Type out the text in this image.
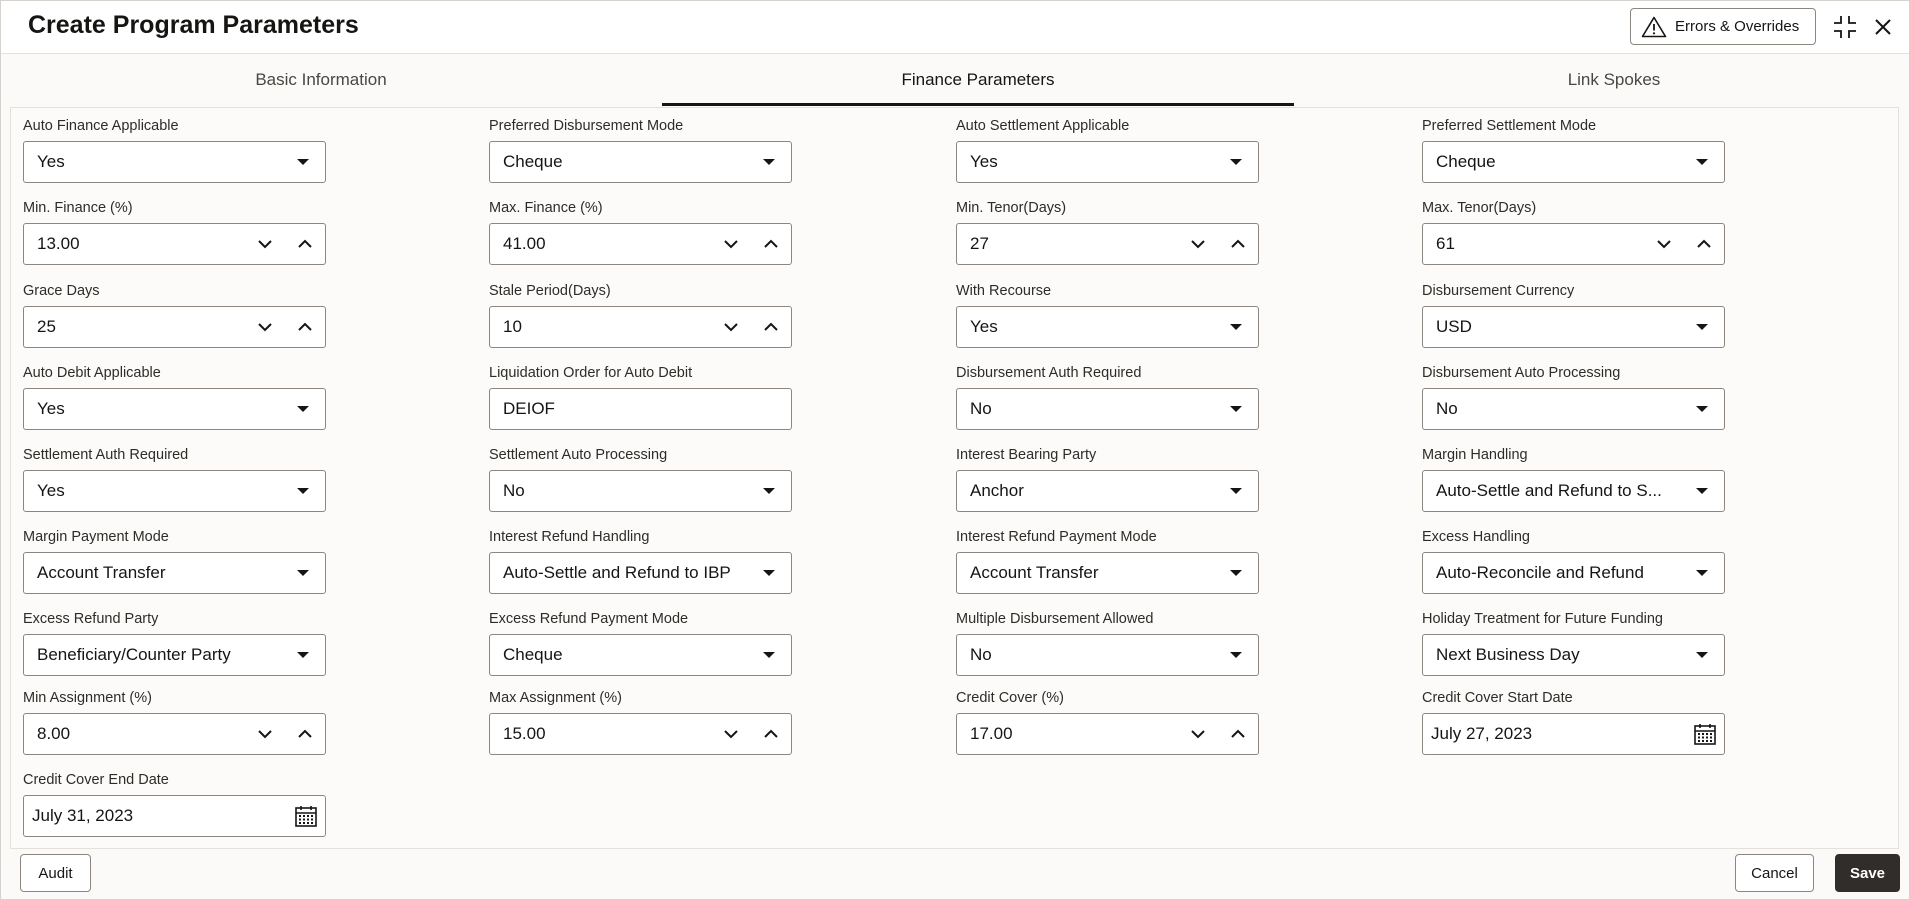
Create Program Parameters	Errors & Overrides
Basic Information	Finance Parameters	Link Spokes
Auto Finance Applicable
Yes
Preferred Disbursement Mode
Cheque
Auto Settlement Applicable
Yes
Preferred Settlement Mode
Cheque
Min. Finance (%)
13.00
Max. Finance (%)
41.00
Min. Tenor(Days)
27
Max. Tenor(Days)
61
Grace Days
25
Stale Period(Days)
10
With Recourse
Yes
Disbursement Currency
USD
Auto Debit Applicable
Yes
Liquidation Order for Auto Debit
DEIOF
Disbursement Auth Required
No
Disbursement Auto Processing
No
Settlement Auth Required
Yes
Settlement Auto Processing
No
Interest Bearing Party
Anchor
Margin Handling
Auto-Settle and Refund to S...
Margin Payment Mode
Account Transfer
Interest Refund Handling
Auto-Settle and Refund to IBP
Interest Refund Payment Mode
Account Transfer
Excess Handling
Auto-Reconcile and Refund
Excess Refund Party
Beneficiary/Counter Party
Excess Refund Payment Mode
Cheque
Multiple Disbursement Allowed
No
Holiday Treatment for Future Funding
Next Business Day
Min Assignment (%)
8.00
Max Assignment (%)
15.00
Credit Cover (%)
17.00
Credit Cover Start Date
July 27, 2023
Credit Cover End Date
July 31, 2023
Audit	Cancel	Save
